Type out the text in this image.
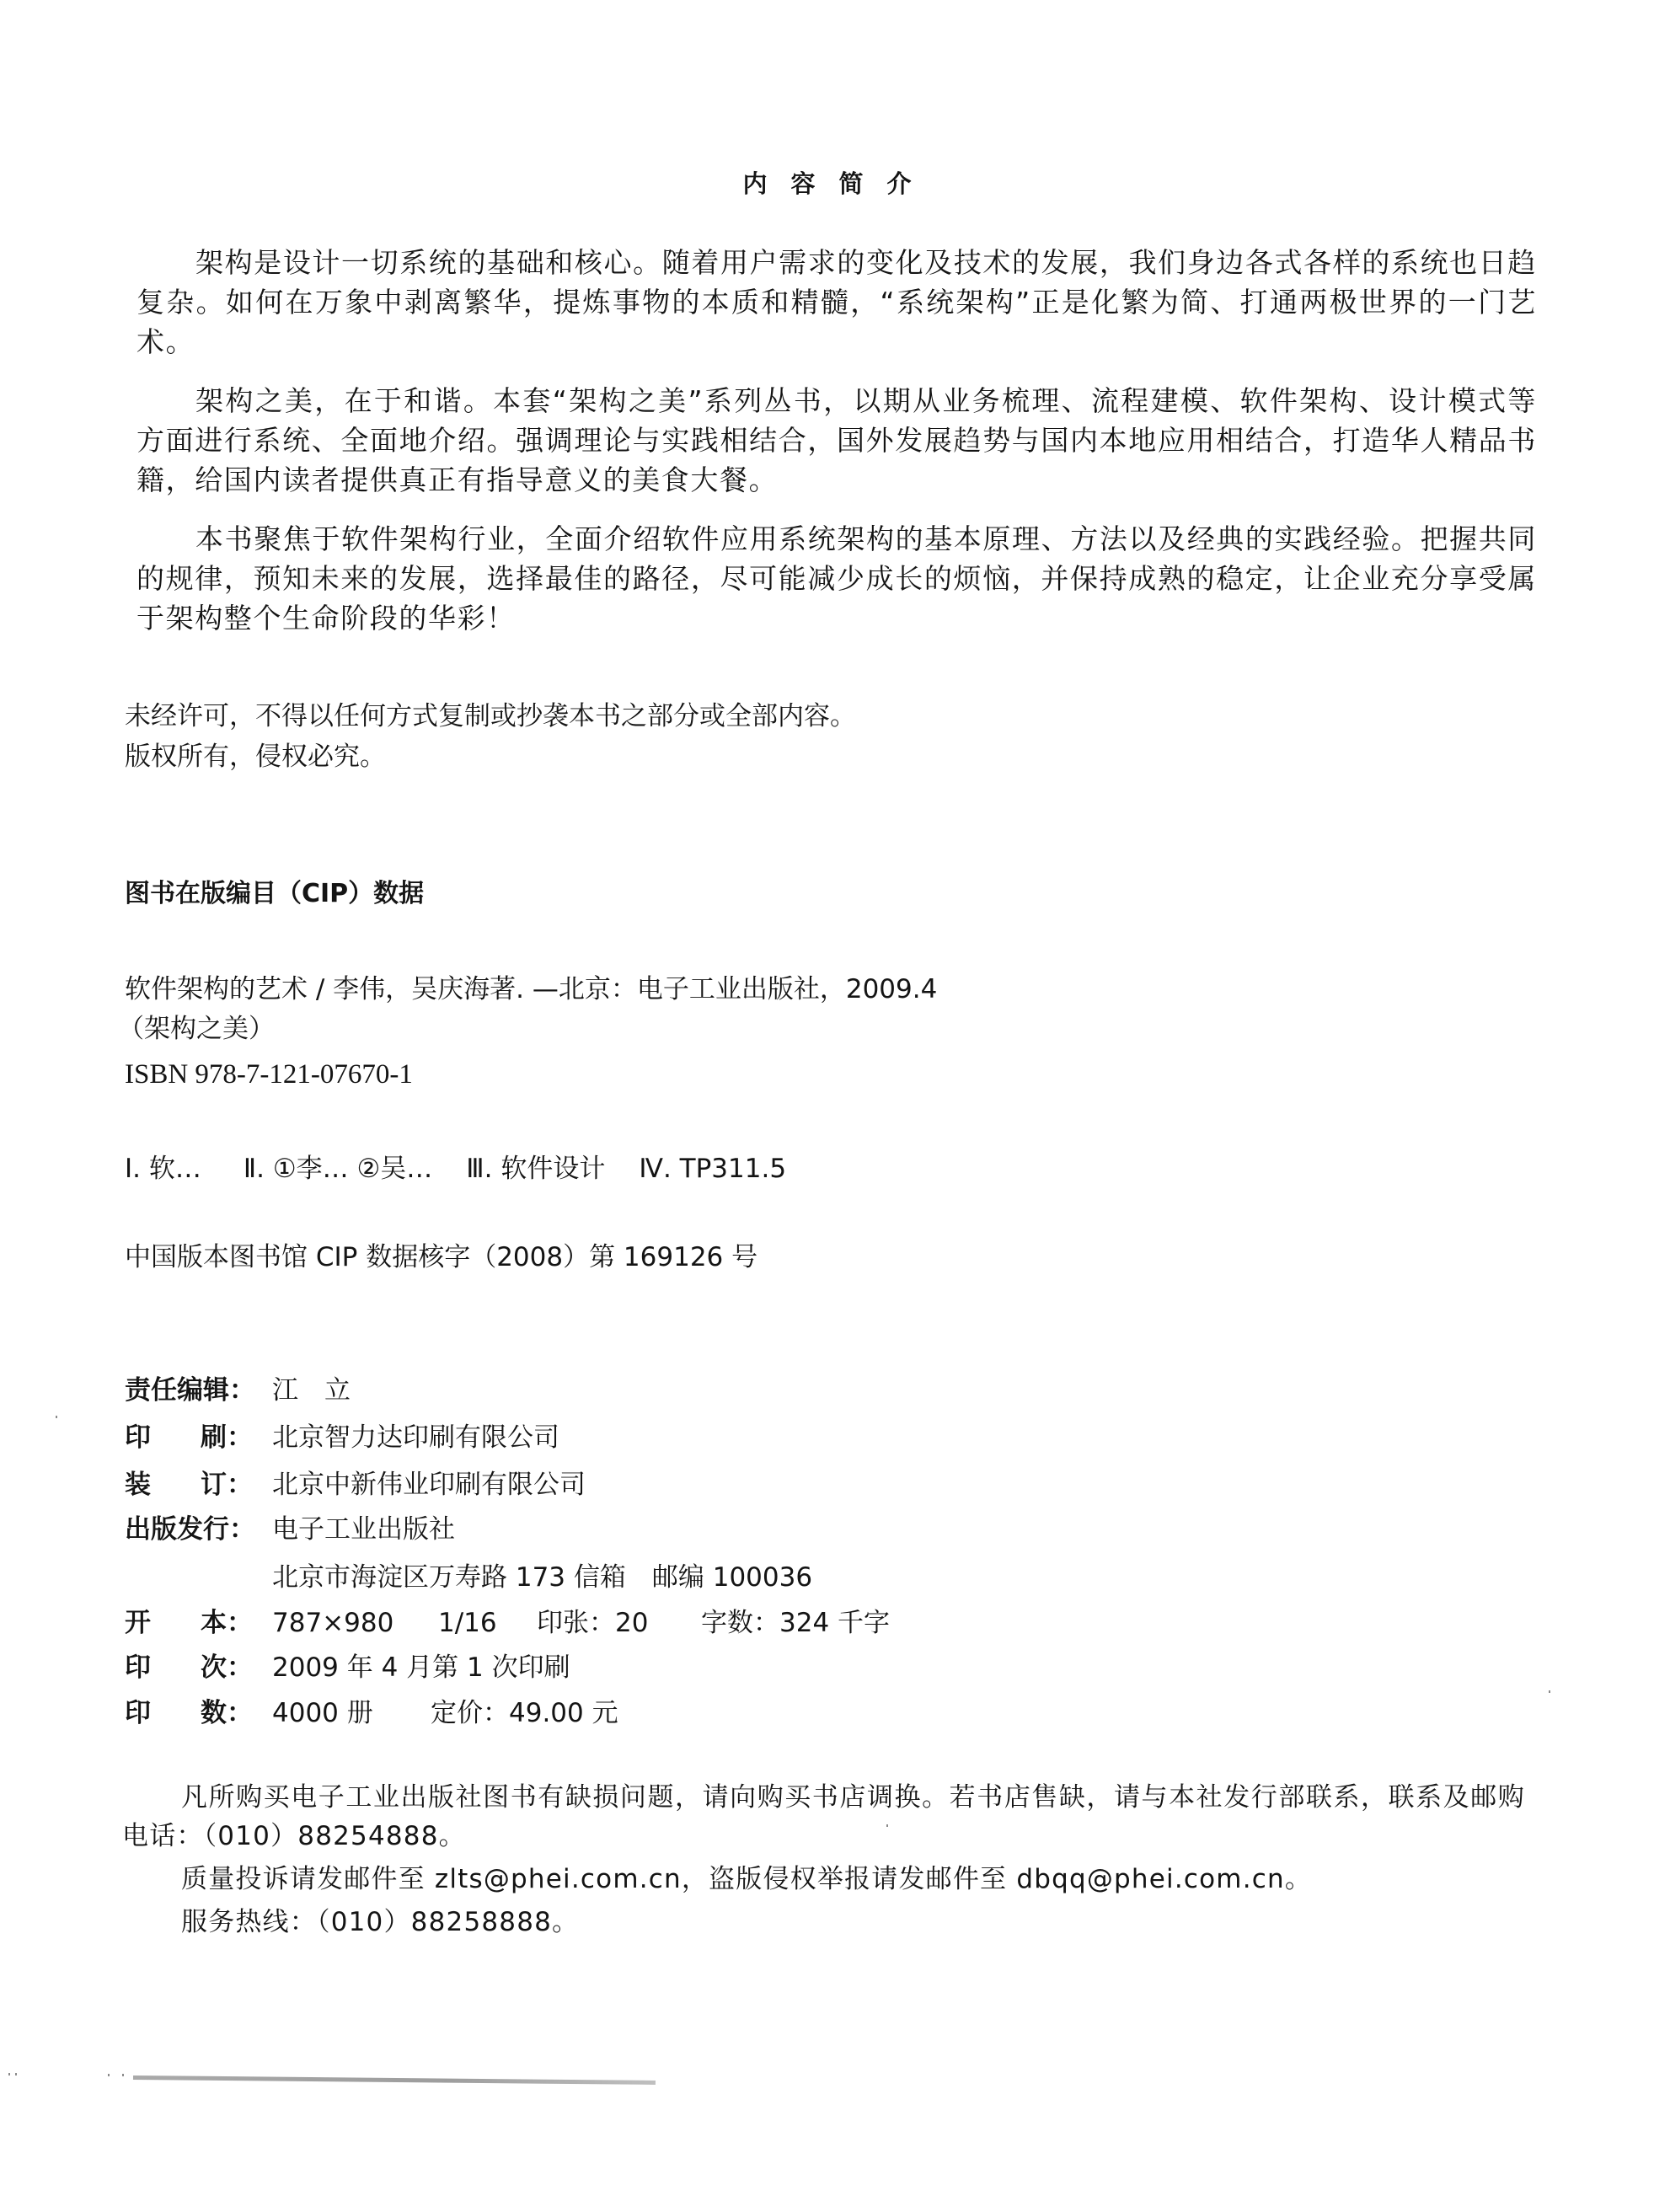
内容简介

架构是设计一切系统的基础和核心。随着用户需求的变化及技术的发展，我们身边各式各样的系统也日趋复杂。如何在万象中剥离繁华，提炼事物的本质和精髓，“系统架构”正是化繁为简、打通两极世界的一门艺术。

架构之美，在于和谐。本套“架构之美”系列丛书，以期从业务梳理、流程建模、软件架构、设计模式等方面进行系统、全面地介绍。强调理论与实践相结合，国外发展趋势与国内本地应用相结合，打造华人精品书籍，给国内读者提供真正有指导意义的美食大餐。

本书聚焦于软件架构行业，全面介绍软件应用系统架构的基本原理、方法以及经典的实践经验。把握共同的规律，预知未来的发展，选择最佳的路径，尽可能减少成长的烦恼，并保持成熟的稳定，让企业充分享受属于架构整个生命阶段的华彩！

未经许可，不得以任何方式复制或抄袭本书之部分或全部内容。
版权所有，侵权必究。
图书在版编目（CIP）数据
软件架构的艺术 / 李伟，吴庆海著. —北京：电子工业出版社，2009.4
（架构之美）
ISBN 978-7-121-07670-1
I. 软… Ⅱ. ①李… ②吴… Ⅲ. 软件设计 Ⅳ. TP311.5
中国版本图书馆 CIP 数据核字（2008）第 169126 号
责任编辑： 江　立
印 刷： 北京智力达印刷有限公司
装 订： 北京中新伟业印刷有限公司
出版发行： 电子工业出版社
北京市海淀区万寿路 173 信箱　邮编 100036
开 本： 787×980 1/16 印张：20 字数：324 千字
印 次： 2009 年 4 月第 1 次印刷
印 数： 4000 册 定价：49.00 元

凡所购买电子工业出版社图书有缺损问题，请向购买书店调换。若书店售缺，请与本社发行部联系，联系及邮购电话：（010）88254888。

质量投诉请发邮件至 zlts@phei.com.cn，盗版侵权举报请发邮件至 dbqq@phei.com.cn。

服务热线：（010）88258888。
